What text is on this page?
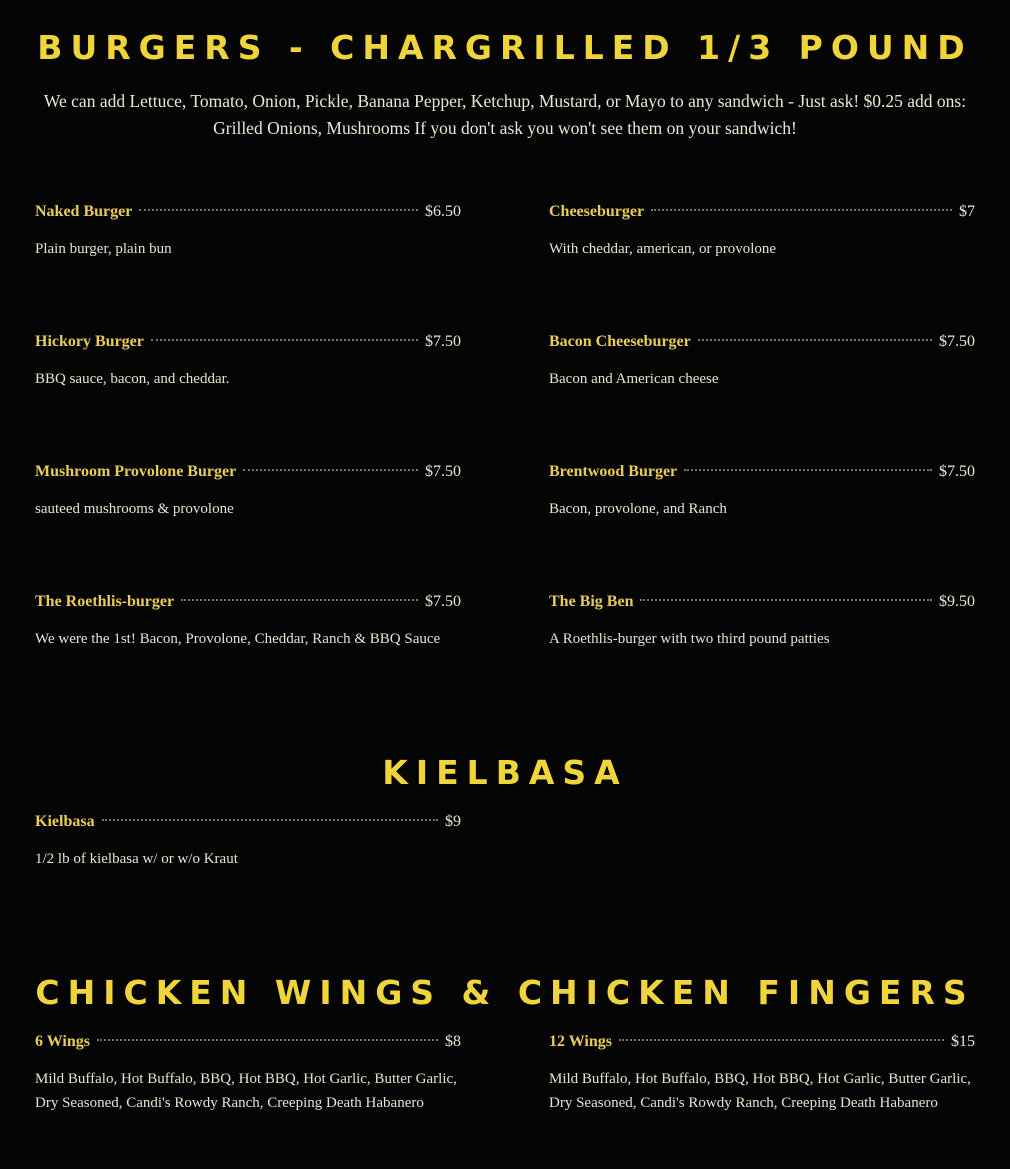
BURGERS - CHARGRILLED 1/3 POUND

We can add Lettuce, Tomato, Onion, Pickle, Banana Pepper, Ketchup, Mustard, or Mayo to any sandwich - Just ask! $0.25 add ons: Grilled Onions, Mushrooms If you don't ask you won't see them on your sandwich!

Naked Burger	$6.50
Plain burger, plain bun
Cheeseburger	$7
With cheddar, american, or provolone
Hickory Burger	$7.50
BBQ sauce, bacon, and cheddar.
Bacon Cheeseburger	$7.50
Bacon and American cheese
Mushroom Provolone Burger	$7.50
sauteed mushrooms & provolone
Brentwood Burger	$7.50
Bacon, provolone, and Ranch
The Roethlis-burger	$7.50
We were the 1st! Bacon, Provolone, Cheddar, Ranch & BBQ Sauce
The Big Ben	$9.50
A Roethlis-burger with two third pound patties
KIELBASA
Kielbasa	$9
1/2 lb of kielbasa w/ or w/o Kraut
CHICKEN WINGS & CHICKEN FINGERS
6 Wings	$8
Mild Buffalo, Hot Buffalo, BBQ, Hot BBQ, Hot Garlic, Butter Garlic, Dry Seasoned, Candi's Rowdy Ranch, Creeping Death Habanero
12 Wings	$15
Mild Buffalo, Hot Buffalo, BBQ, Hot BBQ, Hot Garlic, Butter Garlic, Dry Seasoned, Candi's Rowdy Ranch, Creeping Death Habanero
